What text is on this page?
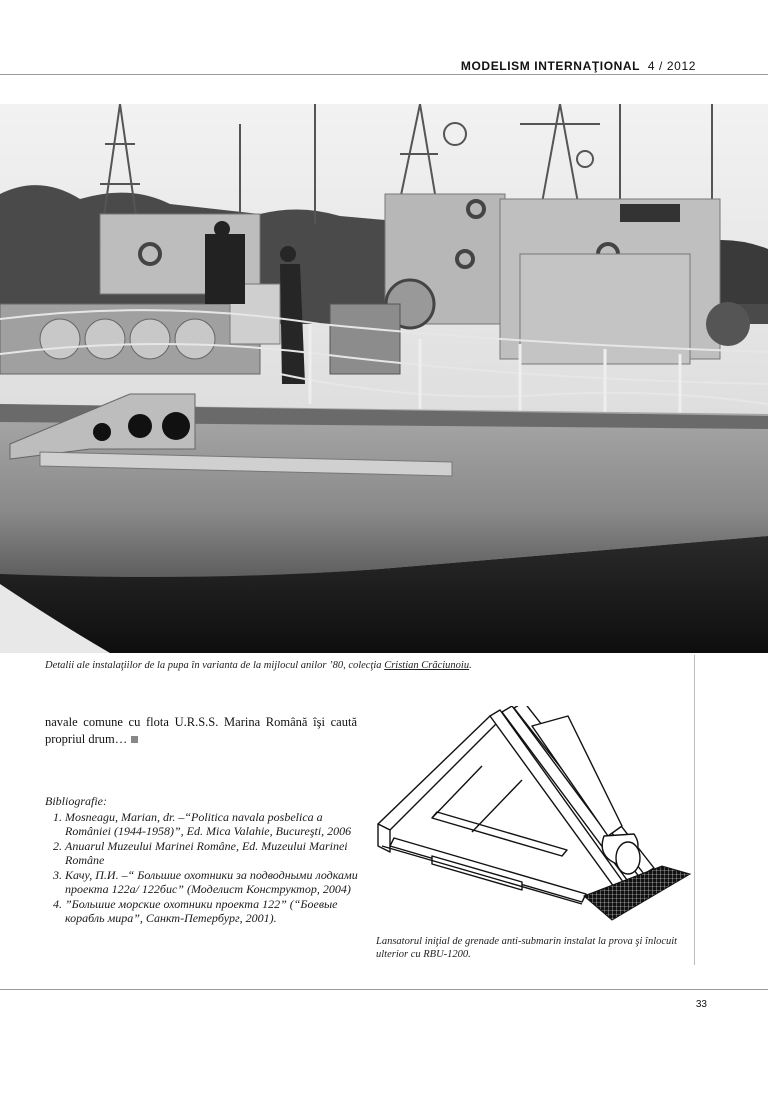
MODELISM INTERNAŢIONAL 4 / 2012
Detalii ale instalaţiilor de la pupa în varianta de la mijlocul anilor ’80, colecţia Cristian Crăciunoiu.
navale comune cu flota U.R.S.S. Marina Română îşi caută propriul drum…
Bibliografie:
1. Mosneagu, Marian, dr. –“Politica navala posbelica a României (1944-1958)”, Ed. Mica Valahie, Bucureşti, 2006
2. Anuarul Muzeului Marinei Române, Ed. Muzeului Marinei Române
3. Качу, П.И. –“ Большие охотники за подводными лодками проекта 122а/ 122бис” (Моделист Конструктор, 2004)
4. ”Большие морские охотники проекта 122” (“Боевые корабль мира”, Санкт-Петербург, 2001).
Lansatorul iniţial de grenade anti-submarin instalat la prova şi înlocuit ulterior cu RBU-1200.
33
